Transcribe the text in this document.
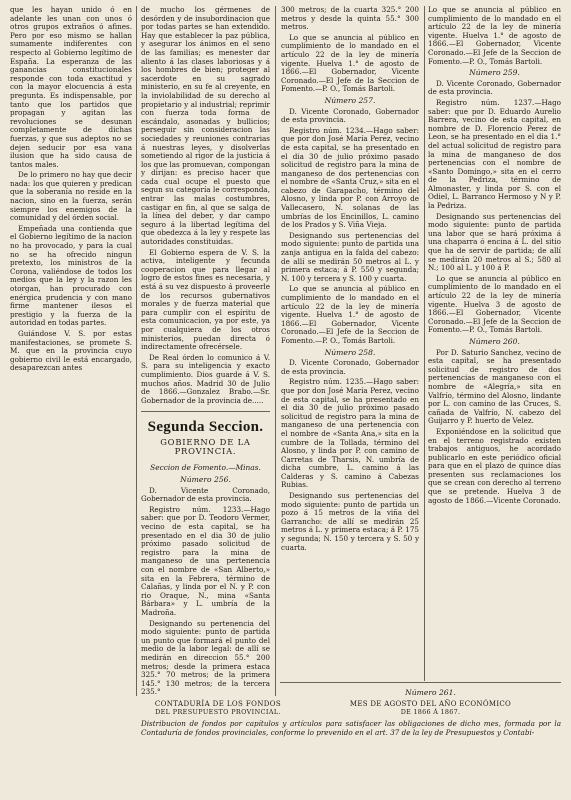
que les hayan unido ó en adelante les unan con unos ó otros grupos extraños ó afines. Pero por eso mismo se hallan sumamente indiferentes con respecto al Gobierno legítimo de España. La esperanza de las ganancias constitucionales responde con toda exactitud y con la mayor elocuencia á esta pregunta. Es indispensable, por tanto que los partidos que propagan y agitan las revoluciones se desunan completamente de dichas fuerzas, y que sus adeptos no se dejen seducir por esa vana ilusion que ha sido causa de tantos males.

De lo primero no hay que decir nada: los que quieren y predican que la soberanía no reside en la nacion, sino en la fuerza, serán siempre los enemigos de la comunidad y del órden social.

Empeñada una contienda que el Gobierno legítimo de la nacion no ha provocado, y para la cual no se ha ofrecido ningun pretexto, los ministros de la Corona, valiéndose de todos los medios que la ley y la razon les otorgan, han procurado con enérgica prudencia y con mano firme mantener ilesos el prestigio y la fuerza de la autoridad en todas partes.

Guiándose V. S. por estas manifestaciones, se promete S. M. que en la provincia cuyo gobierno civil le está encargado, desaparezcan antes

de mucho los gérmenes de desórden y de insubordinacion que por todas partes se han extendido. Hay que establecer la paz pública, y asegurar los ánimos en el seno de las familias; es menester dar aliento á las clases laboriosas y á los hombres de bien; proteger al sacerdote en su sagrado ministerio, en su fe al creyente, en la inviolabilidad de su derecho al propietario y al industrial; reprimir con fuerza toda forma de escándalo, asonadas y bullicios; perseguir sin consideracion las sociedades y reuniones contrarias á nuestras leyes, y disolverlas sometiendo al rigor de la justicia á los que las promuevan, compongan y dirijan: es preciso hacer que cada cual ocupe el puesto que segun su categoría le corresponda, entrar las malas costumbres, castigar en fin, al que se salga de la línea del deber, y dar campo seguro á la libertad legítima del que obedezca á la ley y respete las autoridades constituidas.

El Gobierno espera de V. S. la activa, inteligente y fecunda cooperacion que para llegar al logro de estos fines es necesaria, y está á su vez dispuesto á proveerle de los recursos gubernativos morales y de fuerza material que para cumplir con el espíritu de esta comunicacion, ya por este, ya por cualquiera de los otros ministerios, puedan directa ó indirectamente ofrecérsele.

De Real órden lo comunico á V. S. para su inteligencia y exacto cumplimiento. Dios guarde á V. S. muchos años. Madrid 30 de Julio de 1866.—Gonzalez Brabo.—Sr. Gobernador de la provincia de.....

Segunda Seccion.
GOBIERNO DE LA PROVINCIA.
Seccion de Fomento.—Minas.
Número 256.

D. Vicente Coronado, Gobernador de esta provincia.

Registro núm. 1233.—Hago saber: que por D. Teodoro Vermer, vecino de esta capital, se ha presentado en el dia 30 de julio próximo pasado solicitud de registro para la mina de manganeso de una pertenencia con el nombre de «San Alberto,» sita en la Febrera, término de Calañas, y linda por el N. y P. con rio Oraque, N., mina «Santa Bárbara» y L. umbría de la Madroña.

Designando su pertenencia del modo siguiente: punto de partida un punto que formará el punto del medio de la labor legal: de allí se medirán en direccion 55.° 200 metros; desde la primera estaca 325.° 70 metros; de la primera 145.° 130 metros; de la tercera 235.°

300 metros; de la cuarta 325.° 200 metros y desde la quinta 55.° 300 metros.

Lo que se anuncia al público en cumplimiento de lo mandado en el artículo 22 de la ley de minería vigente. Huelva 1.° de agosto de 1866.—El Gobernador, Vicente Coronado.—El Jefe de la Seccion de Fomento.—P. O., Tomás Bartoli.

Número 257.

D. Vicente Coronado, Gobernador de esta provincia.

Registro núm. 1234.—Hago saber: que por don José María Perez, vecino de esta capital, se ha presentado en el dia 30 de julio próximo pasado solicitud de registro para la mina de manganeso de dos pertenencias con el nombre de «Santa Cruz,» sita en el cabezo de Garapacho, término del Alosno, y linda por P. con Arroyo de Vallecasero, N. solanas de las umbrías de los Encinillos, L. camino de los Prados y S. Viña Vieja.

Designando sus pertenencias del modo siguiente: punto de partida una zanja antigua en la falda del cabezo: de allí se medirán 50 metros al L. y primera estaca; á P. 550 y segunda; N. 100 y tercera y S. 100 y cuarta.

Lo que se anuncia al público en cumplimiento de lo mandado en el artículo 22 de la ley de minería vigente. Huelva 1.° de agosto de 1866.—El Gobernador, Vicente Coronado.—El Jefe de la Seccion de Fomento.—P. O., Tomás Bartoli.

Número 258.

D. Vicente Coronado, Gobernador de esta provincia.

Registro núm. 1235.—Hago saber: que por don José María Perez, vecino de esta capital, se ha presentado en el dia 30 de julio próximo pasado solicitud de registro para la mina de manganeso de una pertenencia con el nombre de «Santa Ana,» sita en la cumbre de la Tollada, término del Alosno, y linda por P. con camino de Carretas de Tharsis, N. umbría de dicha cumbre, L. camino á las Calderas y S. camino á Cabezas Rubias.

Designando sus pertenencias del modo siguiente: punto de partida un pozo á 15 metros de la viña del Garrancho: de allí se medirán 25 metros á L. y primera estaca; á P. 175 y segunda; N. 150 y tercera y S. 50 y cuarta.

Lo que se anuncia al público en cumplimiento de lo mandado en el artículo 22 de la ley de minería vigente. Huelva 1.° de agosto de 1866.—El Gobernador, Vicente Coronado.—El Jefe de la Seccion de Fomento.—P. O., Tomás Bartoli.

Número 259.

D. Vicente Coronado, Gobernador de esta provincia.

Registro núm. 1237.—Hago saber: que por D. Eduardo Aurelio Barrera, vecino de esta capital, en nombre de D. Florencio Perez de Leon, se ha presentado en el dia 1.° del actual solicitud de registro para la mina de manganeso de dos pertenencias con el nombre de «Santo Domingo,» sita en el cerro de la Pedriza, término de Almonaster, y linda por S. con el Odiel, L. Barranco Hermoso y N y P. la Pedriza.

Designando sus pertenencias del modo siguiente: punto de partida una labor que se hará próxima á una chaparra ó encina á L. del sitio que ha de servir de partida; de allí se medirán 20 metros al S.; 580 al N.; 100 al L. y 100 á P.

Lo que se anuncia al público en cumplimiento de lo mandado en el artículo 22 de la ley de minería vigente. Huelva 3 de agosto de 1866.—El Gobernador, Vicente Coronado.—El Jefe de la Seccion de Fomento.—P. O., Tomás Bartoli.

Número 260.

Por D. Saturio Sanchez, vecino de esta capital, se ha presentado solicitud de registro de dos pertenencias de manganeso con el nombre de «Alegría,» sita en Valfrío, término del Alosno, lindante por L. con camino de las Cruces, S. cañada de Valfrío, N. cabezo del Guijarro y P. huerto de Velez.

Exponiéndose en la solicitud que en el terreno registrado existen trabajos antiguos, he acordado publicarlo en este periódico oficial para que en el plazo de quince días presenten sus reclamaciones los que se crean con derecho al terreno que se pretende. Huelva 3 de agosto de 1866.—Vicente Coronado.

Número 261.
CONTADURÍA DE LOS FONDOS
DEL PRESUPUESTO PROVINCIAL.
MES DE AGOSTO DEL AÑO ECONÓMICO
DE 1866 Á 1867.
Distribucion de fondos por capítulos y artículos para satisfacer las obligaciones de dicho mes, formada por la Contaduría de fondos provinciales, conforme lo prevenido en el art. 37 de la ley de Presupuestos y Contabi-
